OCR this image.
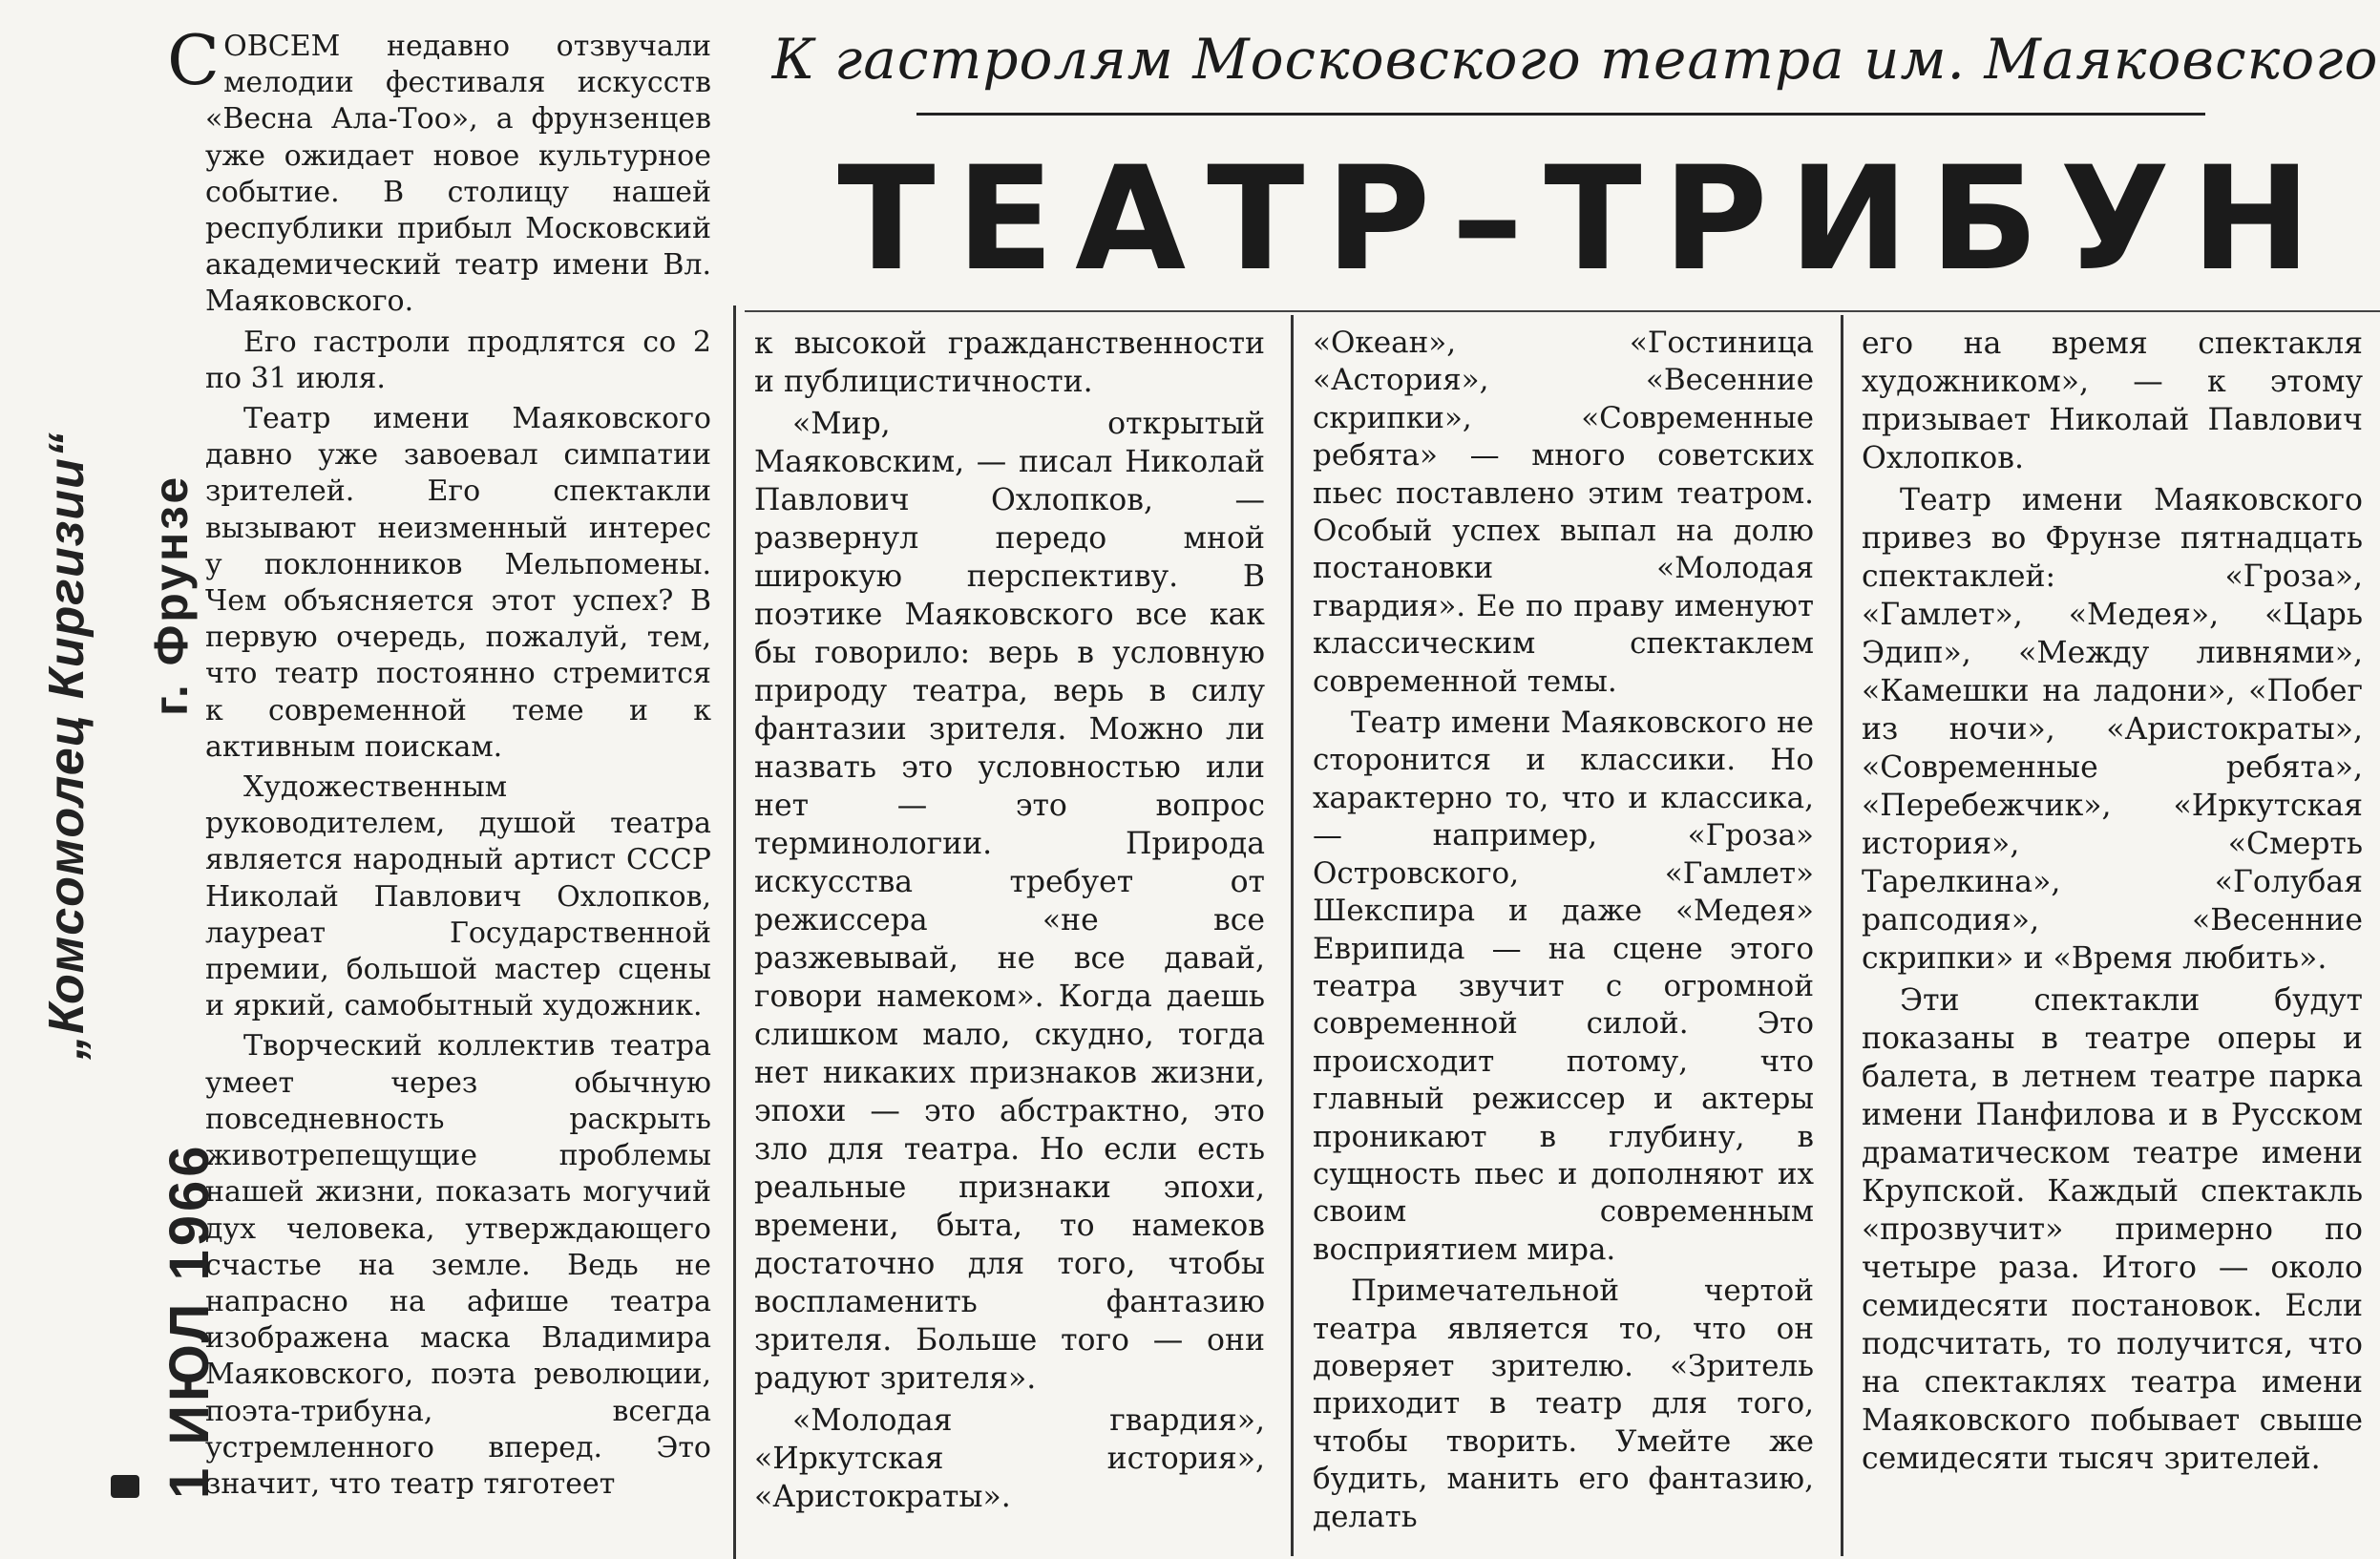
„Комсомолец Киргизии“ г. Фрунзе
1 ИЮЛ 1966
К гастролям Московского театра им. Маяковского
ТЕАТР–ТРИБУН

СОВСЕМ недавно отзвучали мелодии фестиваля искусств «Весна Ала-Тоо», а фрунзенцев уже ожидает новое культурное событие. В столицу нашей республики прибыл Московский академический театр имени Вл. Маяковского.

Его гастроли продлятся со 2 по 31 июля.

Театр имени Маяковского давно уже завоевал симпатии зрителей. Его спектакли вызывают неизменный интерес у поклонников Мельпомены. Чем объясняется этот успех? В первую очередь, пожалуй, тем, что театр постоянно стремится к современной теме и к активным поискам.

Художественным руководителем, душой театра является народный артист СССР Николай Павлович Охлопков, лауреат Государственной премии, большой мастер сцены и яркий, самобытный художник.

Творческий коллектив театра умеет через обычную повседневность раскрыть животрепещущие проблемы нашей жизни, показать могучий дух человека, утверждающего счастье на земле. Ведь не напрасно на афише театра изображена маска Владимира Маяковского, поэта революции, поэта-трибуна, всегда устремленного вперед. Это значит, что театр тяготеет

к высокой гражданственности и публицистичности.

«Мир, открытый Маяковским, — писал Николай Павлович Охлопков, — развернул передо мной широкую перспективу. В поэтике Маяковского все как бы говорило: верь в условную природу театра, верь в силу фантазии зрителя. Можно ли назвать это условностью или нет — это вопрос терминологии. Природа искусства требует от режиссера «не все разжевывай, не все давай, говори намеком». Когда даешь слишком мало, скудно, тогда нет никаких признаков жизни, эпохи — это абстрактно, это зло для театра. Но если есть реальные признаки эпохи, времени, быта, то намеков достаточно для того, чтобы воспламенить фантазию зрителя. Больше того — они радуют зрителя».

«Молодая гвардия», «Иркутская история», «Аристократы».

«Океан», «Гостиница «Астория», «Весенние скрипки», «Современные ребята» — много советских пьес поставлено этим театром. Особый успех выпал на долю постановки «Молодая гвардия». Ее по праву именуют классическим спектаклем современной темы.

Театр имени Маяковского не сторонится и классики. Но характерно то, что и классика, — например, «Гроза» Островского, «Гамлет» Шекспира и даже «Медея» Еврипида — на сцене этого театра звучит с огромной современной силой. Это происходит потому, что главный режиссер и актеры проникают в глубину, в сущность пьес и дополняют их своим современным восприятием мира.

Примечательной чертой театра является то, что он доверяет зрителю. «Зритель приходит в театр для того, чтобы творить. Умейте же будить, манить его фантазию, делать

его на время спектакля художником», — к этому призывает Николай Павлович Охлопков.

Театр имени Маяковского привез во Фрунзе пятнадцать спектаклей: «Гроза», «Гамлет», «Медея», «Царь Эдип», «Между ливнями», «Камешки на ладони», «Побег из ночи», «Аристократы», «Современные ребята», «Перебежчик», «Иркутская история», «Смерть Тарелкина», «Голубая рапсодия», «Весенние скрипки» и «Время любить».

Эти спектакли будут показаны в театре оперы и балета, в летнем театре парка имени Панфилова и в Русском драматическом театре имени Крупской. Каждый спектакль «прозвучит» примерно по четыре раза. Итого — около семидесяти постановок. Если подсчитать, то получится, что на спектаклях театра имени Маяковского побывает свыше семидесяти тысяч зрителей.
